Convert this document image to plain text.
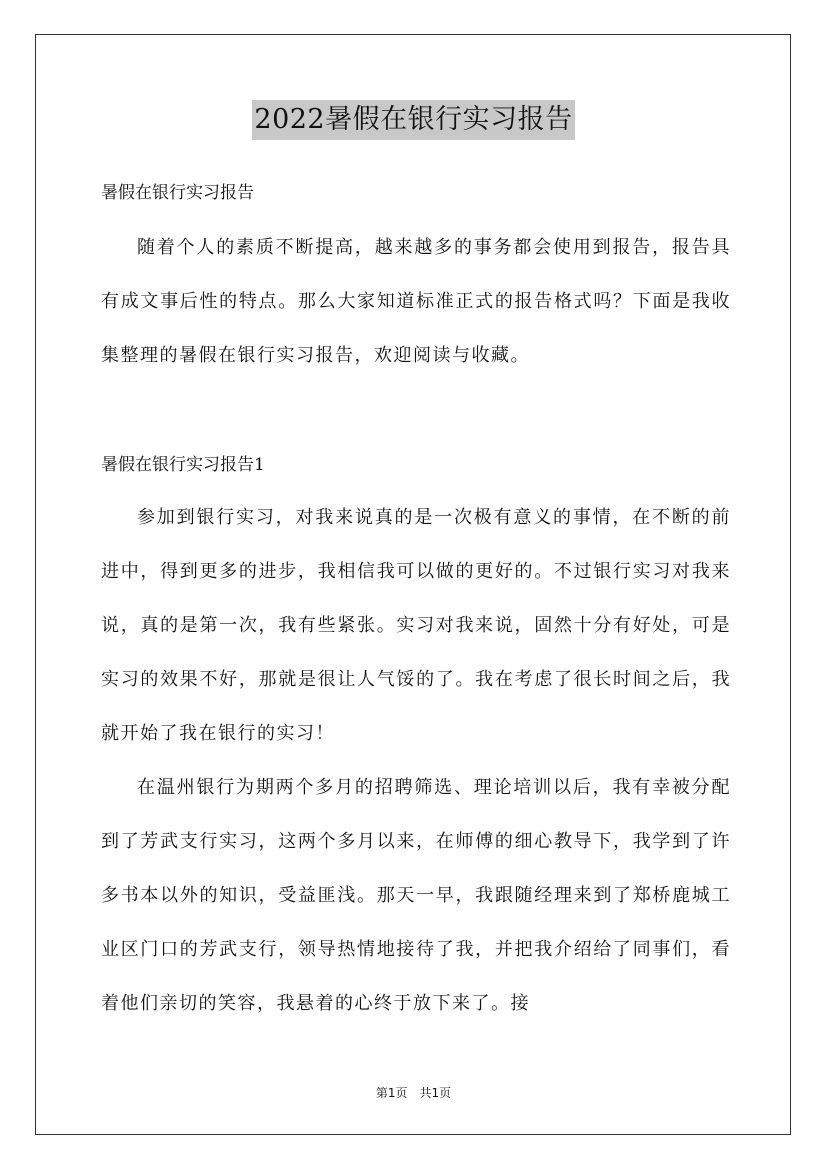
2022暑假在银行实习报告
暑假在银行实习报告

随着个人的素质不断提高，越来越多的事务都会使用到报告，报告具有成文事后性的特点。那么大家知道标准正式的报告格式吗？下面是我收集整理的暑假在银行实习报告，欢迎阅读与收藏。

暑假在银行实习报告1

参加到银行实习，对我来说真的是一次极有意义的事情，在不断的前进中，得到更多的进步，我相信我可以做的更好的。不过银行实习对我来说，真的是第一次，我有些紧张。实习对我来说，固然十分有好处，可是实习的效果不好，那就是很让人气馁的了。我在考虑了很长时间之后，我就开始了我在银行的实习！

在温州银行为期两个多月的招聘筛选、理论培训以后，我有幸被分配到了芳武支行实习，这两个多月以来，在师傅的细心教导下，我学到了许多书本以外的知识，受益匪浅。那天一早，我跟随经理来到了郑桥鹿城工业区门口的芳武支行，领导热情地接待了我，并把我介绍给了同事们，看着他们亲切的笑容，我悬着的心终于放下来了。接

第1页　共1页
